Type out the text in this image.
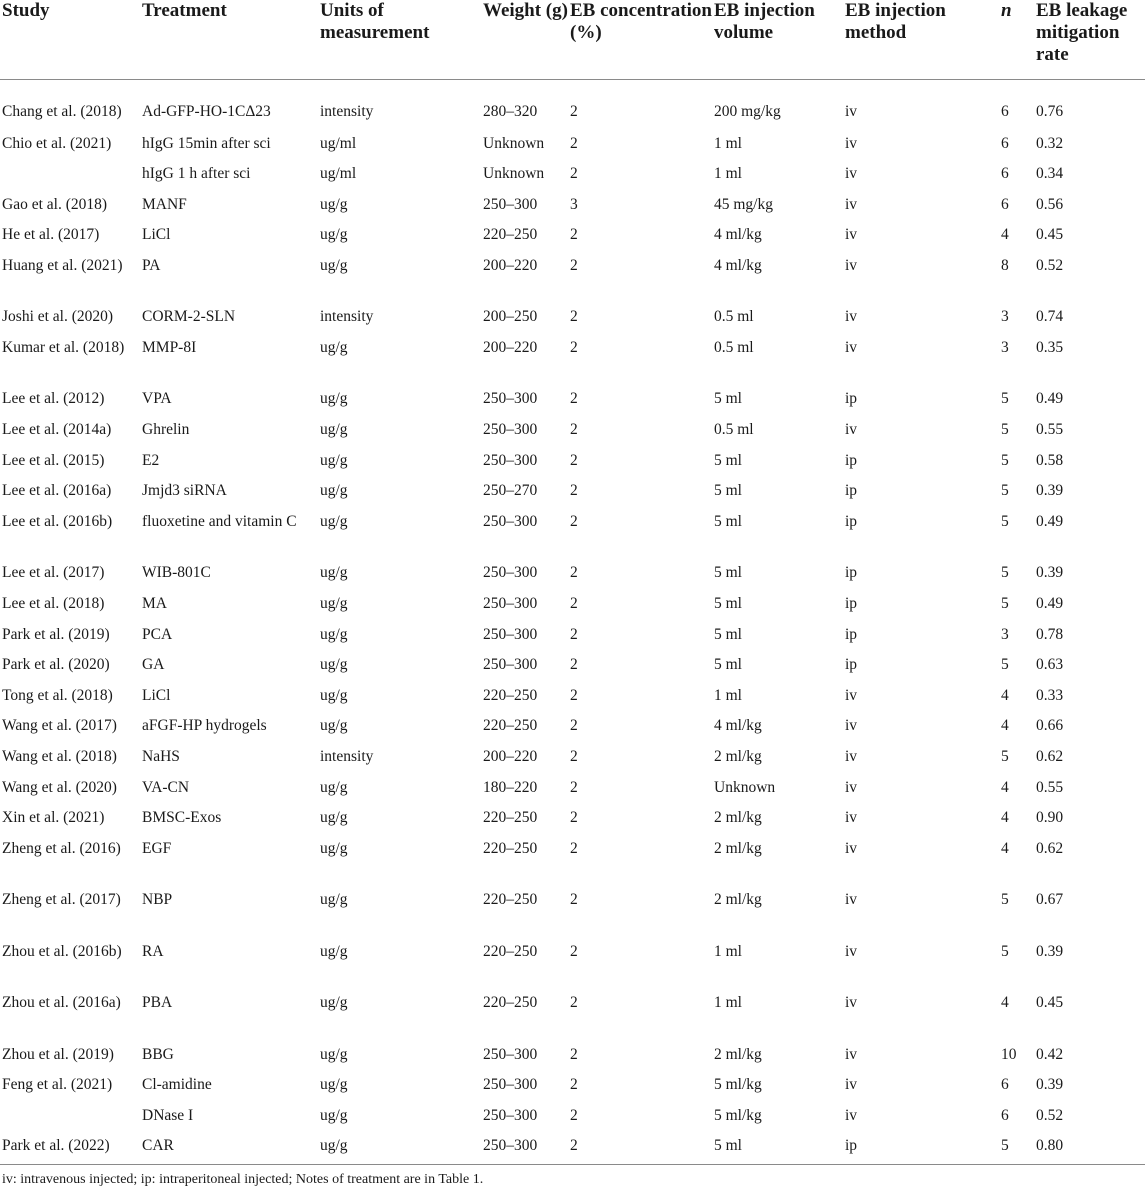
Study	Treatment	Units of measurement	Weight (g)	EB concentration (%)	EB injection volume	EB injection method	n	EB leakage mitigation rate
Chang et al. (2018)	Ad-GFP-HO-1CΔ23	intensity	280–320	2	200 mg/kg	iv	6	0.76
Chio et al. (2021)	hIgG 15min after sci	ug/ml	Unknown	2	1 ml	iv	6	0.32
	hIgG 1 h after sci	ug/ml	Unknown	2	1 ml	iv	6	0.34
Gao et al. (2018)	MANF	ug/g	250–300	3	45 mg/kg	iv	6	0.56
He et al. (2017)	LiCl	ug/g	220–250	2	4 ml/kg	iv	4	0.45
Huang et al. (2021)	PA	ug/g	200–220	2	4 ml/kg	iv	8	0.52
Joshi et al. (2020)	CORM-2-SLN	intensity	200–250	2	0.5 ml	iv	3	0.74
Kumar et al. (2018)	MMP-8I	ug/g	200–220	2	0.5 ml	iv	3	0.35
Lee et al. (2012)	VPA	ug/g	250–300	2	5 ml	ip	5	0.49
Lee et al. (2014a)	Ghrelin	ug/g	250–300	2	0.5 ml	iv	5	0.55
Lee et al. (2015)	E2	ug/g	250–300	2	5 ml	ip	5	0.58
Lee et al. (2016a)	Jmjd3 siRNA	ug/g	250–270	2	5 ml	ip	5	0.39
Lee et al. (2016b)	fluoxetine and vitamin C	ug/g	250–300	2	5 ml	ip	5	0.49
Lee et al. (2017)	WIB-801C	ug/g	250–300	2	5 ml	ip	5	0.39
Lee et al. (2018)	MA	ug/g	250–300	2	5 ml	ip	5	0.49
Park et al. (2019)	PCA	ug/g	250–300	2	5 ml	ip	3	0.78
Park et al. (2020)	GA	ug/g	250–300	2	5 ml	ip	5	0.63
Tong et al. (2018)	LiCl	ug/g	220–250	2	1 ml	iv	4	0.33
Wang et al. (2017)	aFGF-HP hydrogels	ug/g	220–250	2	4 ml/kg	iv	4	0.66
Wang et al. (2018)	NaHS	intensity	200–220	2	2 ml/kg	iv	5	0.62
Wang et al. (2020)	VA-CN	ug/g	180–220	2	Unknown	iv	4	0.55
Xin et al. (2021)	BMSC-Exos	ug/g	220–250	2	2 ml/kg	iv	4	0.90
Zheng et al. (2016)	EGF	ug/g	220–250	2	2 ml/kg	iv	4	0.62
Zheng et al. (2017)	NBP	ug/g	220–250	2	2 ml/kg	iv	5	0.67
Zhou et al. (2016b)	RA	ug/g	220–250	2	1 ml	iv	5	0.39
Zhou et al. (2016a)	PBA	ug/g	220–250	2	1 ml	iv	4	0.45
Zhou et al. (2019)	BBG	ug/g	250–300	2	2 ml/kg	iv	10	0.42
Feng et al. (2021)	Cl-amidine	ug/g	250–300	2	5 ml/kg	iv	6	0.39
	DNase I	ug/g	250–300	2	5 ml/kg	iv	6	0.52
Park et al. (2022)	CAR	ug/g	250–300	2	5 ml	ip	5	0.80
iv: intravenous injected; ip: intraperitoneal injected; Notes of treatment are in Table 1.
